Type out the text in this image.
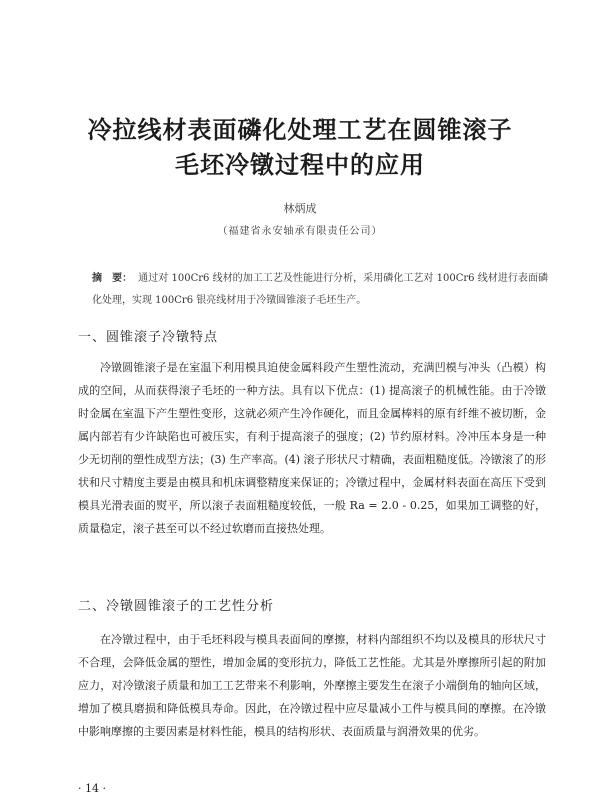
冷拉线材表面磷化处理工艺在圆锥滚子
毛坯冷镦过程中的应用
林炳成
（福建省永安轴承有限责任公司）
摘　要： 通过对 100Cr6 线材的加工工艺及性能进行分析，采用磷化工艺对 100Cr6 线材进行表面磷化处理，实现 100Cr6 银亮线材用于冷镦圆锥滚子毛坯生产。
一、圆锥滚子冷镦特点
冷镦圆锥滚子是在室温下利用模具迫使金属料段产生塑性流动，充满凹模与冲头（凸模）构成的空间，从而获得滚子毛坯的一种方法。具有以下优点：(1) 提高滚子的机械性能。由于冷镦时金属在室温下产生塑性变形，这就必须产生冷作硬化，而且金属棒料的原有纤维不被切断，金属内部若有少许缺陷也可被压实，有利于提高滚子的强度；(2) 节约原材料。冷冲压本身是一种少无切削的塑性成型方法；(3) 生产率高。(4) 滚子形状尺寸精确，表面粗糙度低。冷镦滚了的形状和尺寸精度主要是由模具和机床调整精度来保证的；冷镦过程中，金属材料表面在高压下受到模具光滑表面的熨平，所以滚子表面粗糙度较低，一般 Ra = 2.0 - 0.25，如果加工调整的好，质量稳定，滚子甚至可以不经过软磨而直接热处理。
二、冷镦圆锥滚子的工艺性分析
在冷镦过程中，由于毛坯料段与模具表面间的摩擦，材料内部组织不均以及模具的形状尺寸不合理，会降低金属的塑性，增加金属的变形抗力，降低工艺性能。尤其是外摩擦所引起的附加应力，对冷镦滚子质量和加工工艺带来不利影响，外摩擦主要发生在滚子小端倒角的轴向区域，增加了模具磨损和降低模具寿命。因此，在冷镦过程中应尽量减小工件与模具间的摩擦。在冷镦中影响摩擦的主要因素是材料性能，模具的结构形状、表面质量与润滑效果的优劣。
· 14 ·
